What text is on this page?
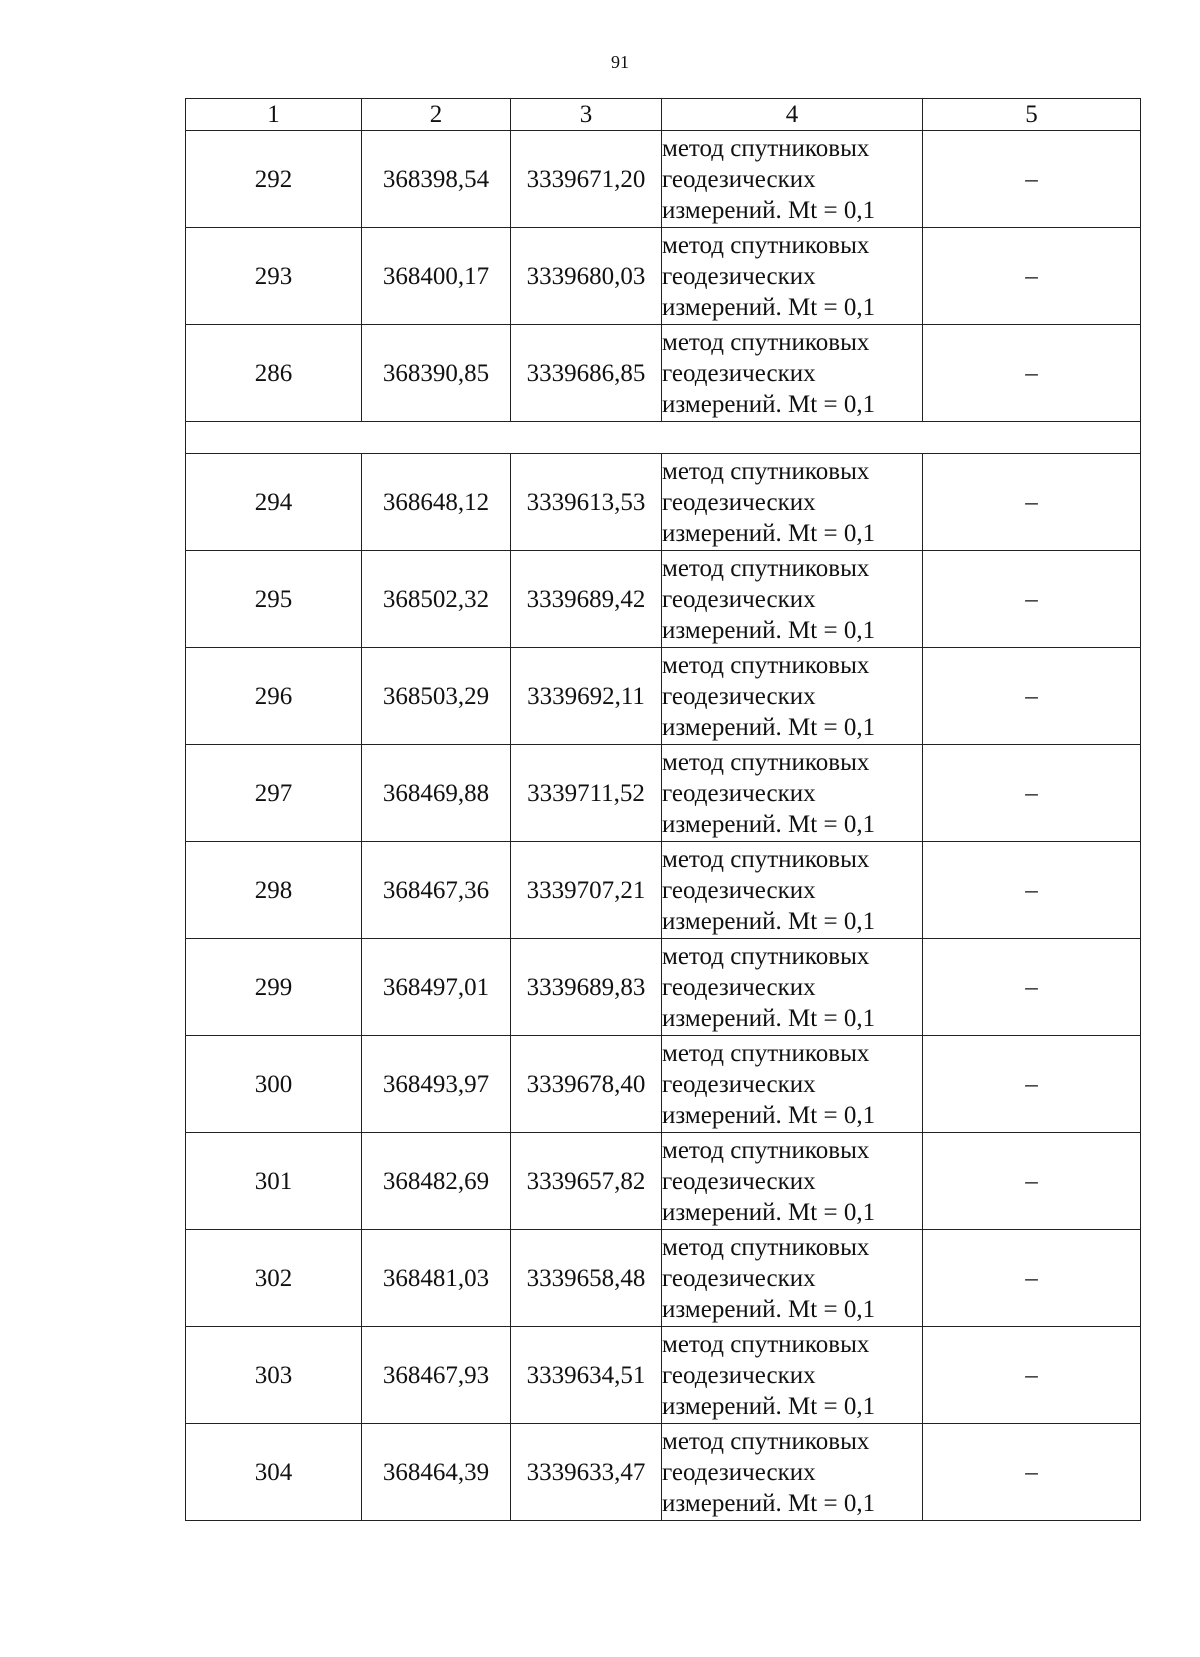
91
1	2	3	4	5
292	368398,54	3339671,20	метод спутниковых
геодезических
измерений. Mt = 0,1	–
293	368400,17	3339680,03	метод спутниковых
геодезических
измерений. Mt = 0,1	–
286	368390,85	3339686,85	метод спутниковых
геодезических
измерений. Mt = 0,1	–

294	368648,12	3339613,53	метод спутниковых
геодезических
измерений. Mt = 0,1	–
295	368502,32	3339689,42	метод спутниковых
геодезических
измерений. Mt = 0,1	–
296	368503,29	3339692,11	метод спутниковых
геодезических
измерений. Mt = 0,1	–
297	368469,88	3339711,52	метод спутниковых
геодезических
измерений. Mt = 0,1	–
298	368467,36	3339707,21	метод спутниковых
геодезических
измерений. Mt = 0,1	–
299	368497,01	3339689,83	метод спутниковых
геодезических
измерений. Mt = 0,1	–
300	368493,97	3339678,40	метод спутниковых
геодезических
измерений. Mt = 0,1	–
301	368482,69	3339657,82	метод спутниковых
геодезических
измерений. Mt = 0,1	–
302	368481,03	3339658,48	метод спутниковых
геодезических
измерений. Mt = 0,1	–
303	368467,93	3339634,51	метод спутниковых
геодезических
измерений. Mt = 0,1	–
304	368464,39	3339633,47	метод спутниковых
геодезических
измерений. Mt = 0,1	–
